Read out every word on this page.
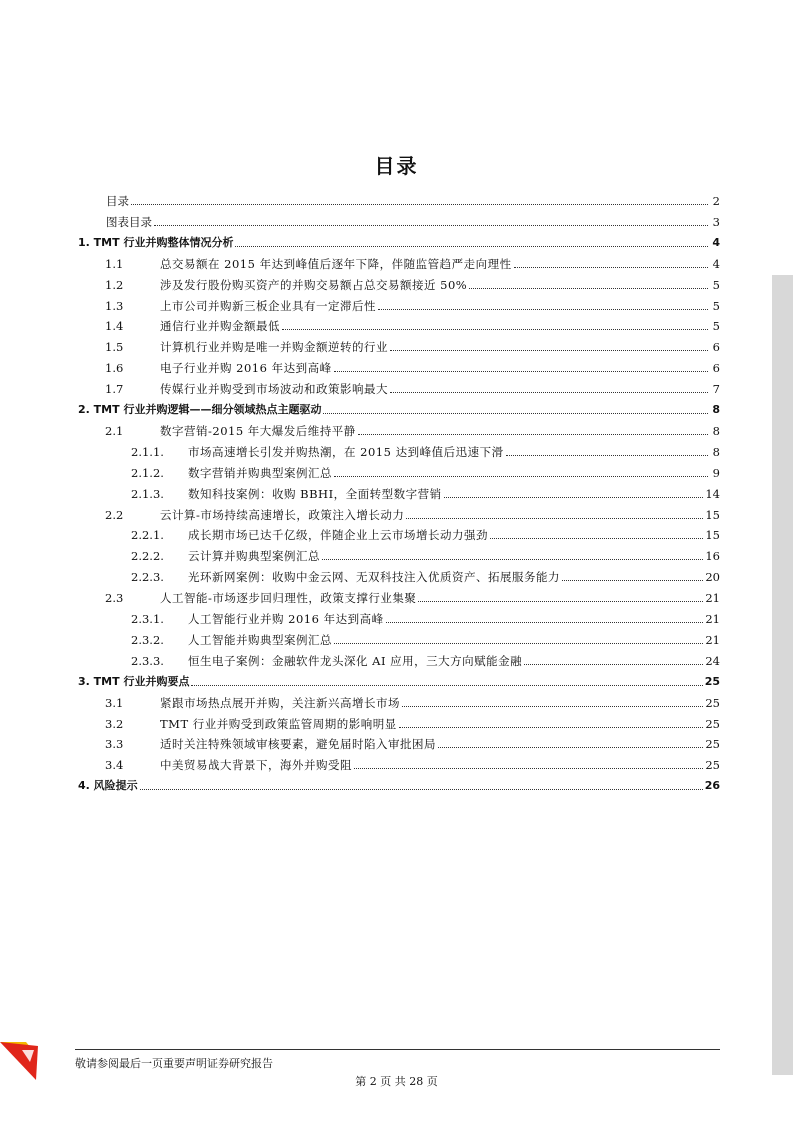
目录
目录	2
图表目录	3
1. TMT 行业并购整体情况分析	4
1.1	总交易额在 2015 年达到峰值后逐年下降，伴随监管趋严走向理性	4
1.2	涉及发行股份购买资产的并购交易额占总交易额接近 50%	5
1.3	上市公司并购新三板企业具有一定滞后性	5
1.4	通信行业并购金额最低	5
1.5	计算机行业并购是唯一并购金额逆转的行业	6
1.6	电子行业并购 2016 年达到高峰	6
1.7	传媒行业并购受到市场波动和政策影响最大	7
2. TMT 行业并购逻辑——细分领域热点主题驱动	8
2.1	数字营销-2015 年大爆发后维持平静	8
2.1.1.	市场高速增长引发并购热潮，在 2015 达到峰值后迅速下滑	8
2.1.2.	数字营销并购典型案例汇总	9
2.1.3.	数知科技案例：收购 BBHI，全面转型数字营销	14
2.2	云计算-市场持续高速增长，政策注入增长动力	15
2.2.1.	成长期市场已达千亿级，伴随企业上云市场增长动力强劲	15
2.2.2.	云计算并购典型案例汇总	16
2.2.3.	光环新网案例：收购中金云网、无双科技注入优质资产、拓展服务能力	20
2.3	人工智能-市场逐步回归理性，政策支撑行业集聚	21
2.3.1.	人工智能行业并购 2016 年达到高峰	21
2.3.2.	人工智能并购典型案例汇总	21
2.3.3.	恒生电子案例：金融软件龙头深化 AI 应用，三大方向赋能金融	24
3. TMT 行业并购要点	25
3.1	紧跟市场热点展开并购，关注新兴高增长市场	25
3.2	TMT 行业并购受到政策监管周期的影响明显	25
3.3	适时关注特殊领域审核要素，避免届时陷入审批困局	25
3.4	中美贸易战大背景下，海外并购受阻	25
4. 风险提示	26
敬请参阅最后一页重要声明证券研究报告
第 2 页 共 28 页
